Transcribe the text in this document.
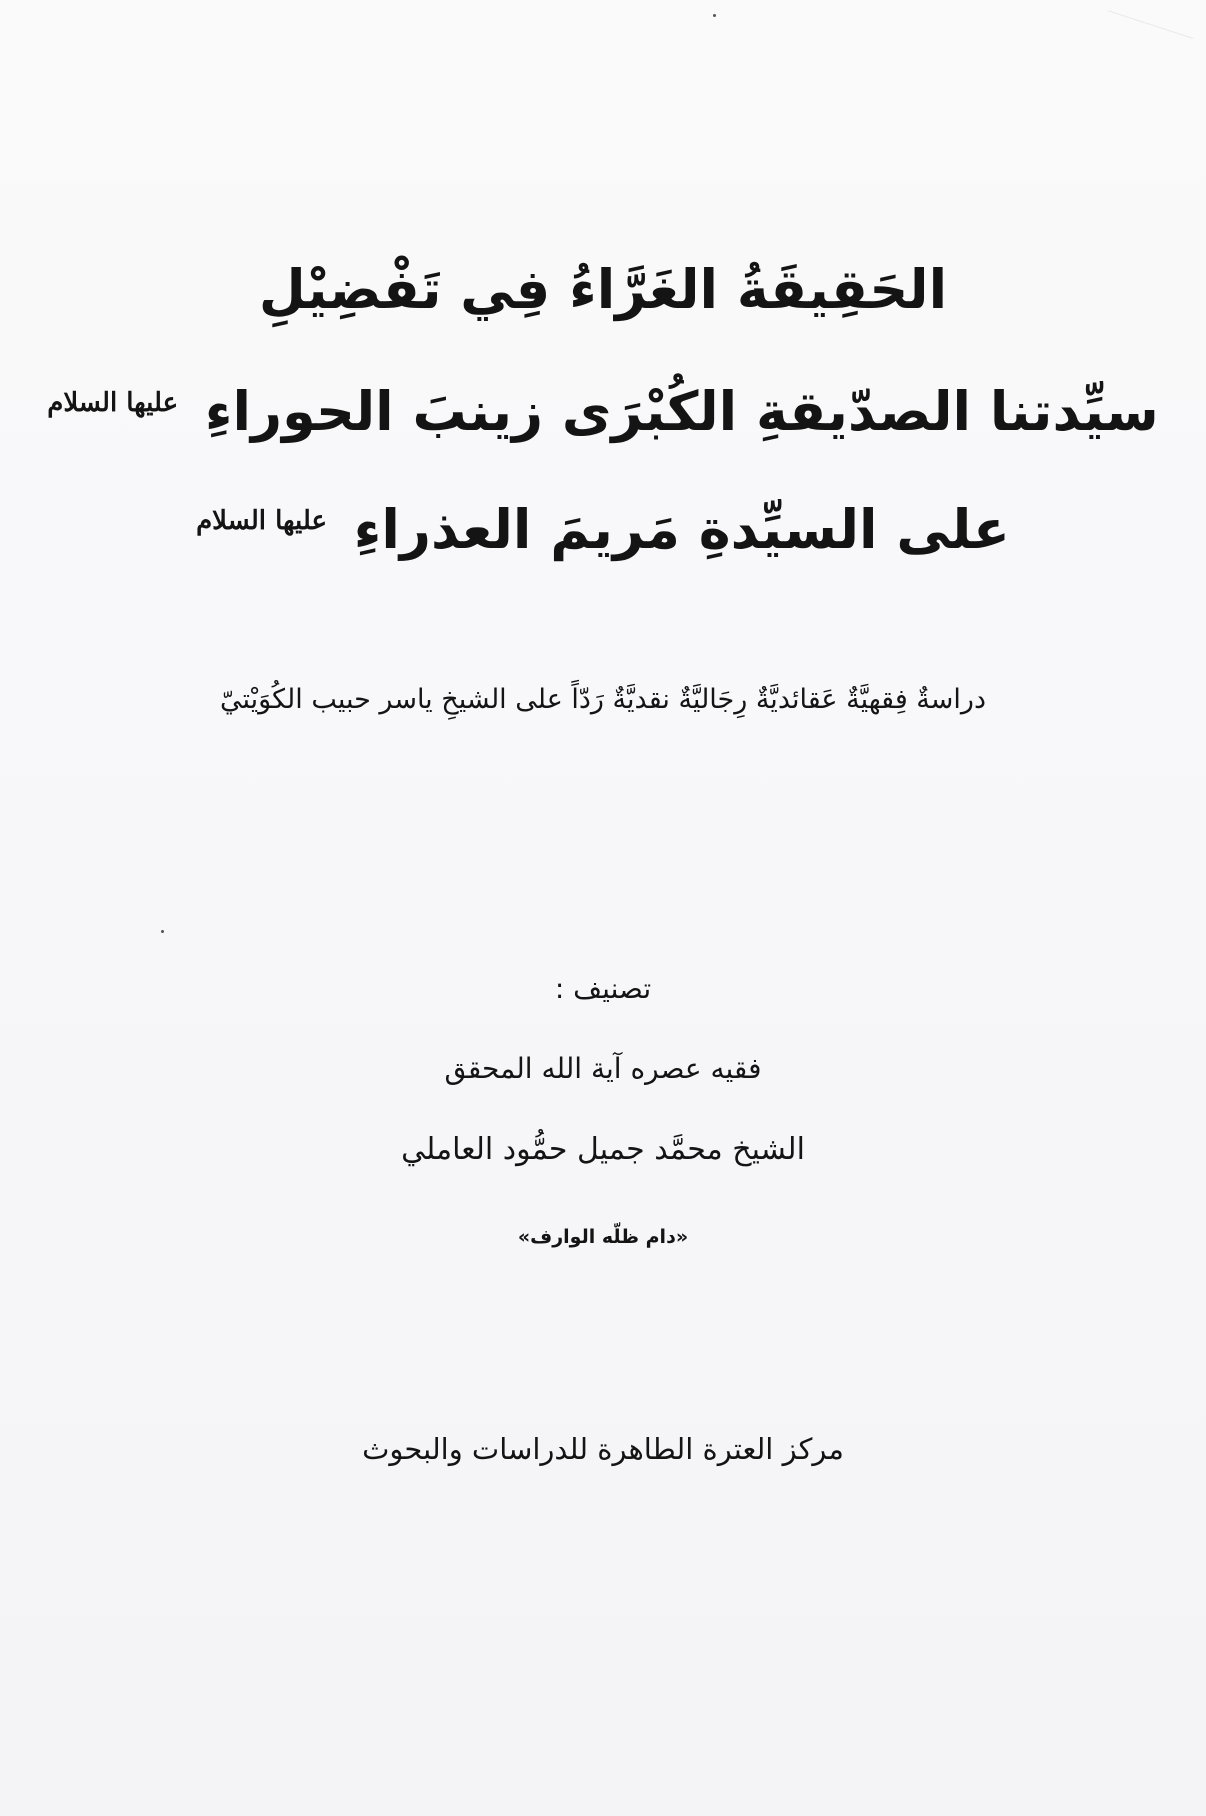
الحَقِيقَةُ الغَرَّاءُ فِي تَفْضِيْلِ
سيِّدتنا الصدّيقةِ الكُبْرَى زينبَ الحوراءِ $^{عليها السلام}$
على السيِّدةِ مَريمَ العذراءِ $^{عليها السلام}$
دراسةٌ فِقهيَّةٌ عَقائديَّةٌ رِجَاليَّةٌ نقديَّةٌ رَدّاً على الشيخِ ياسر حبيب الكُوَيْتيّ
تصنيف :
فقيه عصره آية الله المحقق
الشيخ محمَّد جميل حمُّود العاملي
«دام ظلّه الوارف»
مركز العترة الطاهرة للدراسات والبحوث
